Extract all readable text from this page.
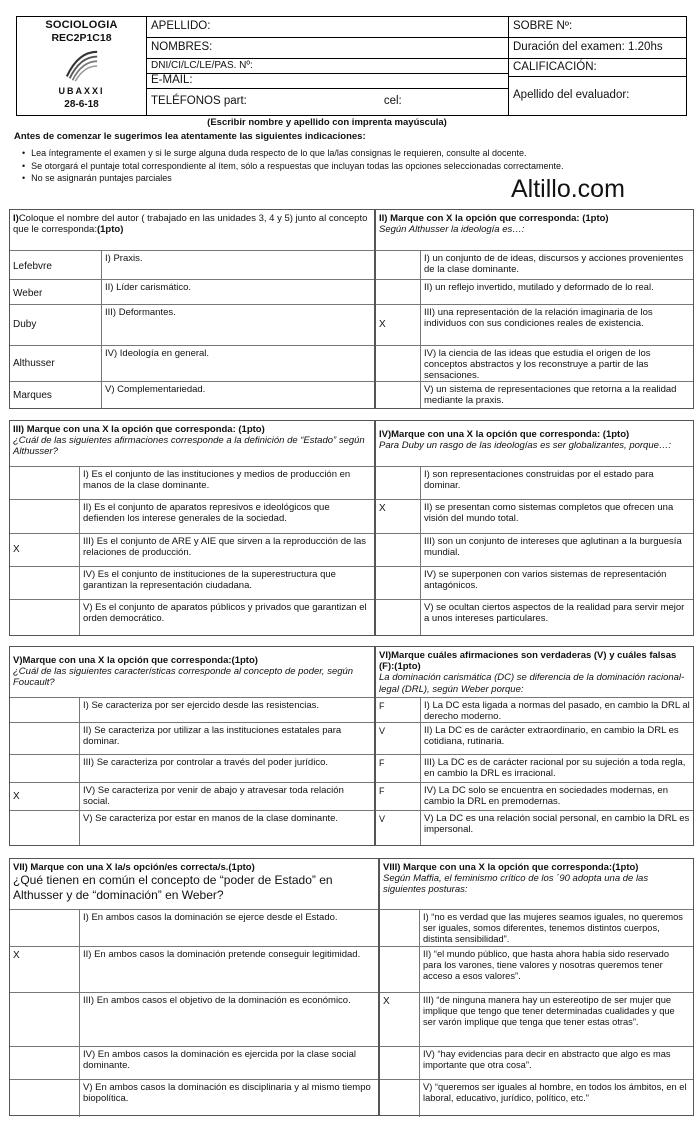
SOCIOLOGIA
REC2P1C18
UBAXXI
28-6-18
APELLIDO:
NOMBRES:
DNI/CI/LC/LE/PAS. Nº:
E-MAIL:
TELÉFONOS part:	cel:
SOBRE Nº:
Duración del examen: 1.20hs
CALIFICACIÓN:
Apellido del evaluador:
(Escribir nombre y apellido con imprenta mayúscula)
Antes de comenzar le sugerimos lea atentamente las siguientes indicaciones:
• Lea íntegramente el examen y si le surge alguna duda respecto de lo que la/las consignas le requieren, consulte al docente.
• Se otorgará el puntaje total correspondiente al ítem, sólo a respuestas que incluyan todas las opciones seleccionadas correctamente.
• No se asignarán puntajes parciales	Altillo.com
I)Coloque el nombre del autor ( trabajado en las unidades 3, 4 y 5) junto al concepto que le corresponda:(1pto)
Lefebvre
I) Praxis.
Weber
II) Líder carismático.
Duby
III) Deformantes.
Althusser
IV) Ideología en general.
Marques
V) Complementariedad.
II) Marque con X la opción que corresponda: (1pto)
Según Althusser la ideología es…:
I) un conjunto de de ideas, discursos y acciones provenientes de la clase dominante.
II) un reflejo invertido, mutilado y deformado de lo real.
X
III) una representación de la relación imaginaria de los individuos con sus condiciones reales de existencia.
IV) la ciencia de las ideas que estudia el origen de los conceptos abstractos y los reconstruye a partir de las sensaciones.
V) un sistema de representaciones que retorna a la realidad mediante la praxis.
III) Marque con una X la opción que corresponda: (1pto)
¿Cuál de las siguientes afirmaciones corresponde a la definición de “Estado” según Althusser?
I) Es el conjunto de las instituciones y medios de producción en manos de la clase dominante.
II) Es el conjunto de aparatos represivos e ideológicos que defienden los interese generales de la sociedad.
X
III) Es el conjunto de ARE y AIE que sirven a la reproducción de las relaciones de producción.
IV) Es el conjunto de instituciones de la superestructura que garantizan la representación ciudadana.
V) Es el conjunto de aparatos públicos y privados que garantizan el orden democrático.
IV)Marque con una X la opción que corresponda: (1pto)
Para Duby un rasgo de las ideologías es ser globalizantes, porque…:
I) son representaciones construidas por el estado para dominar.
X	II) se presentan como sistemas completos que ofrecen una visión del mundo total.
III) son un conjunto de intereses que aglutinan a la burguesía mundial.
IV) se superponen con varios sistemas de representación antagónicos.
V) se ocultan ciertos aspectos de la realidad para servir mejor a unos intereses particulares.
V)Marque con una X la opción que corresponda:(1pto)
¿Cuál de las siguientes características corresponde al concepto de poder, según Foucault?
I) Se caracteriza por ser ejercido desde las resistencias.
II) Se caracteriza por utilizar a las instituciones estatales para dominar.
III) Se caracteriza por controlar a través del poder jurídico.
X
IV) Se caracteriza por venir de abajo y atravesar toda relación social.
V) Se caracteriza por estar en manos de la clase dominante.
VI)Marque cuáles afirmaciones son verdaderas (V) y cuáles falsas (F):(1pto)
La dominación carismática (DC) se diferencia de la dominación racional-legal (DRL), según Weber porque:
F	I) La DC esta ligada a normas del pasado, en cambio la DRL al derecho moderno.
V	II) La DC es de carácter extraordinario, en cambio la DRL es cotidiana, rutinaria.
F	III) La DC es de carácter racional por su sujeción a toda regla, en cambio la DRL es irracional.
F	IV) La DC solo se encuentra en sociedades modernas, en cambio la DRL en premodernas.
V	V) La DC es una relación social personal, en cambio la DRL es impersonal.
VII) Marque con una X la/s opción/es correcta/s.(1pto)
¿Qué tienen en común el concepto de “poder de Estado” en Althusser y de “dominación” en Weber?
I) En ambos casos la dominación se ejerce desde el Estado.
X	II) En ambos casos la dominación pretende conseguir legitimidad.
III) En ambos casos el objetivo de la dominación es económico.
IV) En ambos casos la dominación es ejercida por la clase social dominante.
V) En ambos casos la dominación es disciplinaria y al mismo tiempo biopolítica.
VIII) Marque con una X la opción que corresponda:(1pto)
Según Maffia, el feminismo crítico de los ´90 adopta una de las siguientes posturas:
I) “no es verdad que las mujeres seamos iguales, no queremos ser iguales, somos diferentes, tenemos distintos cuerpos, distinta sensibilidad”.
II) “el mundo público, que hasta ahora había sido reservado para los varones, tiene valores y nosotras queremos tener acceso a esos valores”.
X	III) “de ninguna manera hay un estereotipo de ser mujer que implique que tengo que tener determinadas cualidades y que ser varón implique que tenga que tener estas otras”.
IV) “hay evidencias para decir en abstracto que algo es mas importante que otra cosa”.
V) “queremos ser iguales al hombre, en todos los ámbitos, en el laboral, educativo, jurídico, político, etc.”
